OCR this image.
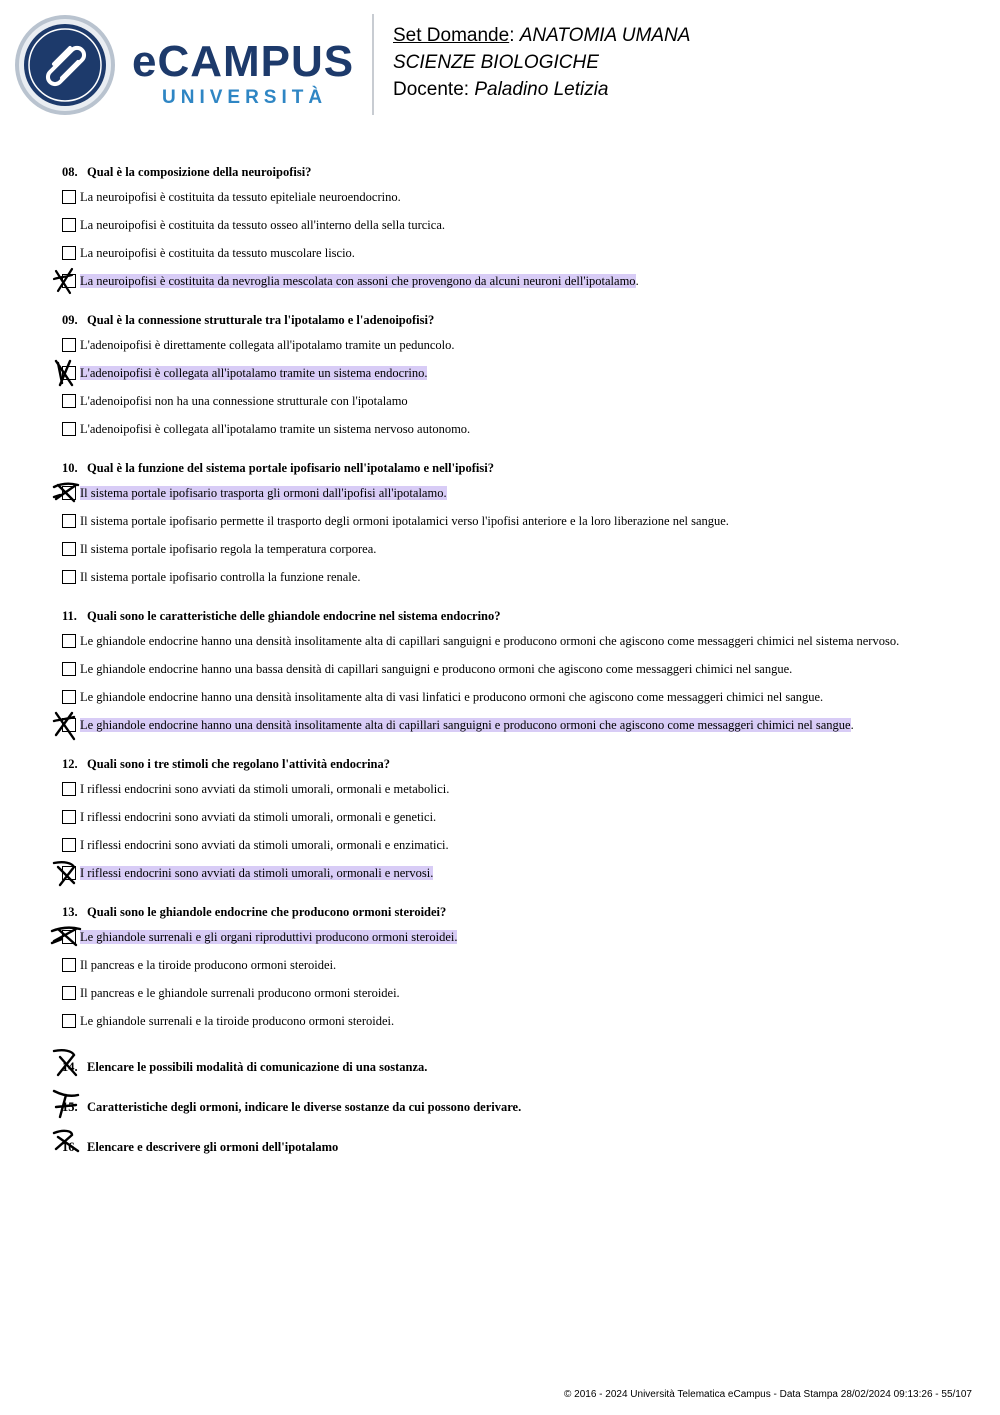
eCAMPUS
UNIVERSITÀ
Set Domande: ANATOMIA UMANA
SCIENZE BIOLOGICHE
Docente: Paladino Letizia
08. Qual è la composizione della neuroipofisi?
La neuroipofisi è costituita da tessuto epiteliale neuroendocrino.
La neuroipofisi è costituita da tessuto osseo all'interno della sella turcica.
La neuroipofisi è costituita da tessuto muscolare liscio.
La neuroipofisi è costituita da nevroglia mescolata con assoni che provengono da alcuni neuroni dell'ipotalamo.
09. Qual è la connessione strutturale tra l'ipotalamo e l'adenoipofisi?
L'adenoipofisi è direttamente collegata all'ipotalamo tramite un peduncolo.
L'adenoipofisi è collegata all'ipotalamo tramite un sistema endocrino.
L'adenoipofisi non ha una connessione strutturale con l'ipotalamo
L'adenoipofisi è collegata all'ipotalamo tramite un sistema nervoso autonomo.
10. Qual è la funzione del sistema portale ipofisario nell'ipotalamo e nell'ipofisi?
Il sistema portale ipofisario trasporta gli ormoni dall'ipofisi all'ipotalamo.
Il sistema portale ipofisario permette il trasporto degli ormoni ipotalamici verso l'ipofisi anteriore e la loro liberazione nel sangue.
Il sistema portale ipofisario regola la temperatura corporea.
Il sistema portale ipofisario controlla la funzione renale.
11. Quali sono le caratteristiche delle ghiandole endocrine nel sistema endocrino?
Le ghiandole endocrine hanno una densità insolitamente alta di capillari sanguigni e producono ormoni che agiscono come messaggeri chimici nel sistema nervoso.
Le ghiandole endocrine hanno una bassa densità di capillari sanguigni e producono ormoni che agiscono come messaggeri chimici nel sangue.
Le ghiandole endocrine hanno una densità insolitamente alta di vasi linfatici e producono ormoni che agiscono come messaggeri chimici nel sangue.
Le ghiandole endocrine hanno una densità insolitamente alta di capillari sanguigni e producono ormoni che agiscono come messaggeri chimici nel sangue.
12. Quali sono i tre stimoli che regolano l'attività endocrina?
I riflessi endocrini sono avviati da stimoli umorali, ormonali e metabolici.
I riflessi endocrini sono avviati da stimoli umorali, ormonali e genetici.
I riflessi endocrini sono avviati da stimoli umorali, ormonali e enzimatici.
I riflessi endocrini sono avviati da stimoli umorali, ormonali e nervosi.
13. Quali sono le ghiandole endocrine che producono ormoni steroidei?
Le ghiandole surrenali e gli organi riproduttivi producono ormoni steroidei.
Il pancreas e la tiroide producono ormoni steroidei.
Il pancreas e le ghiandole surrenali producono ormoni steroidei.
Le ghiandole surrenali e la tiroide producono ormoni steroidei.
14. Elencare le possibili modalità di comunicazione di una sostanza.
15. Caratteristiche degli ormoni, indicare le diverse sostanze da cui possono derivare.
16. Elencare e descrivere gli ormoni dell'ipotalamo
© 2016 - 2024 Università Telematica eCampus - Data Stampa 28/02/2024 09:13:26 - 55/107
